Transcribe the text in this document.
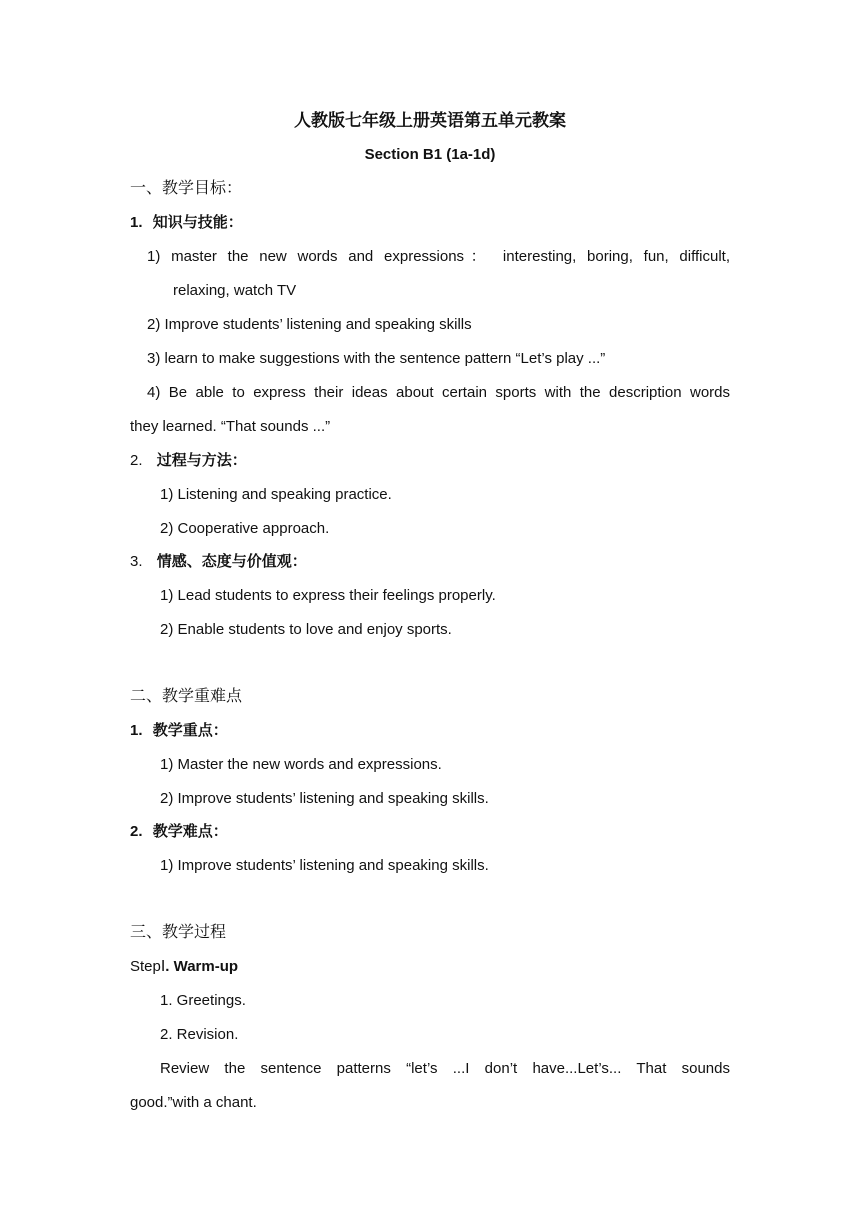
人教版七年级上册英语第五单元教案
Section B1 (1a-1d)
一、教学目标：
1. 知识与技能：
1) master the new words and expressions： interesting, boring, fun, difficult,
relaxing, watch TV
2) Improve students’ listening and speaking skills
3) learn to make suggestions with the sentence pattern “Let’s play ...”
4) Be able to express their ideas about certain sports with the description words
they learned. “That sounds ...”
2. 过程与方法：
1) Listening and speaking practice.
2) Cooperative approach.
3. 情感、态度与价值观：
1) Lead students to express their feelings properly.
2) Enable students to love and enjoy sports.
二、教学重难点
1. 教学重点：
1) Master the new words and expressions.
2) Improve students’ listening and speaking skills.
2. 教学难点：
1) Improve students’ listening and speaking skills.
三、教学过程
StepⅠ. Warm-up
1. Greetings.
2. Revision.
Review the sentence patterns “let’s ...I don’t have...Let’s... That sounds
good.”with a chant.
